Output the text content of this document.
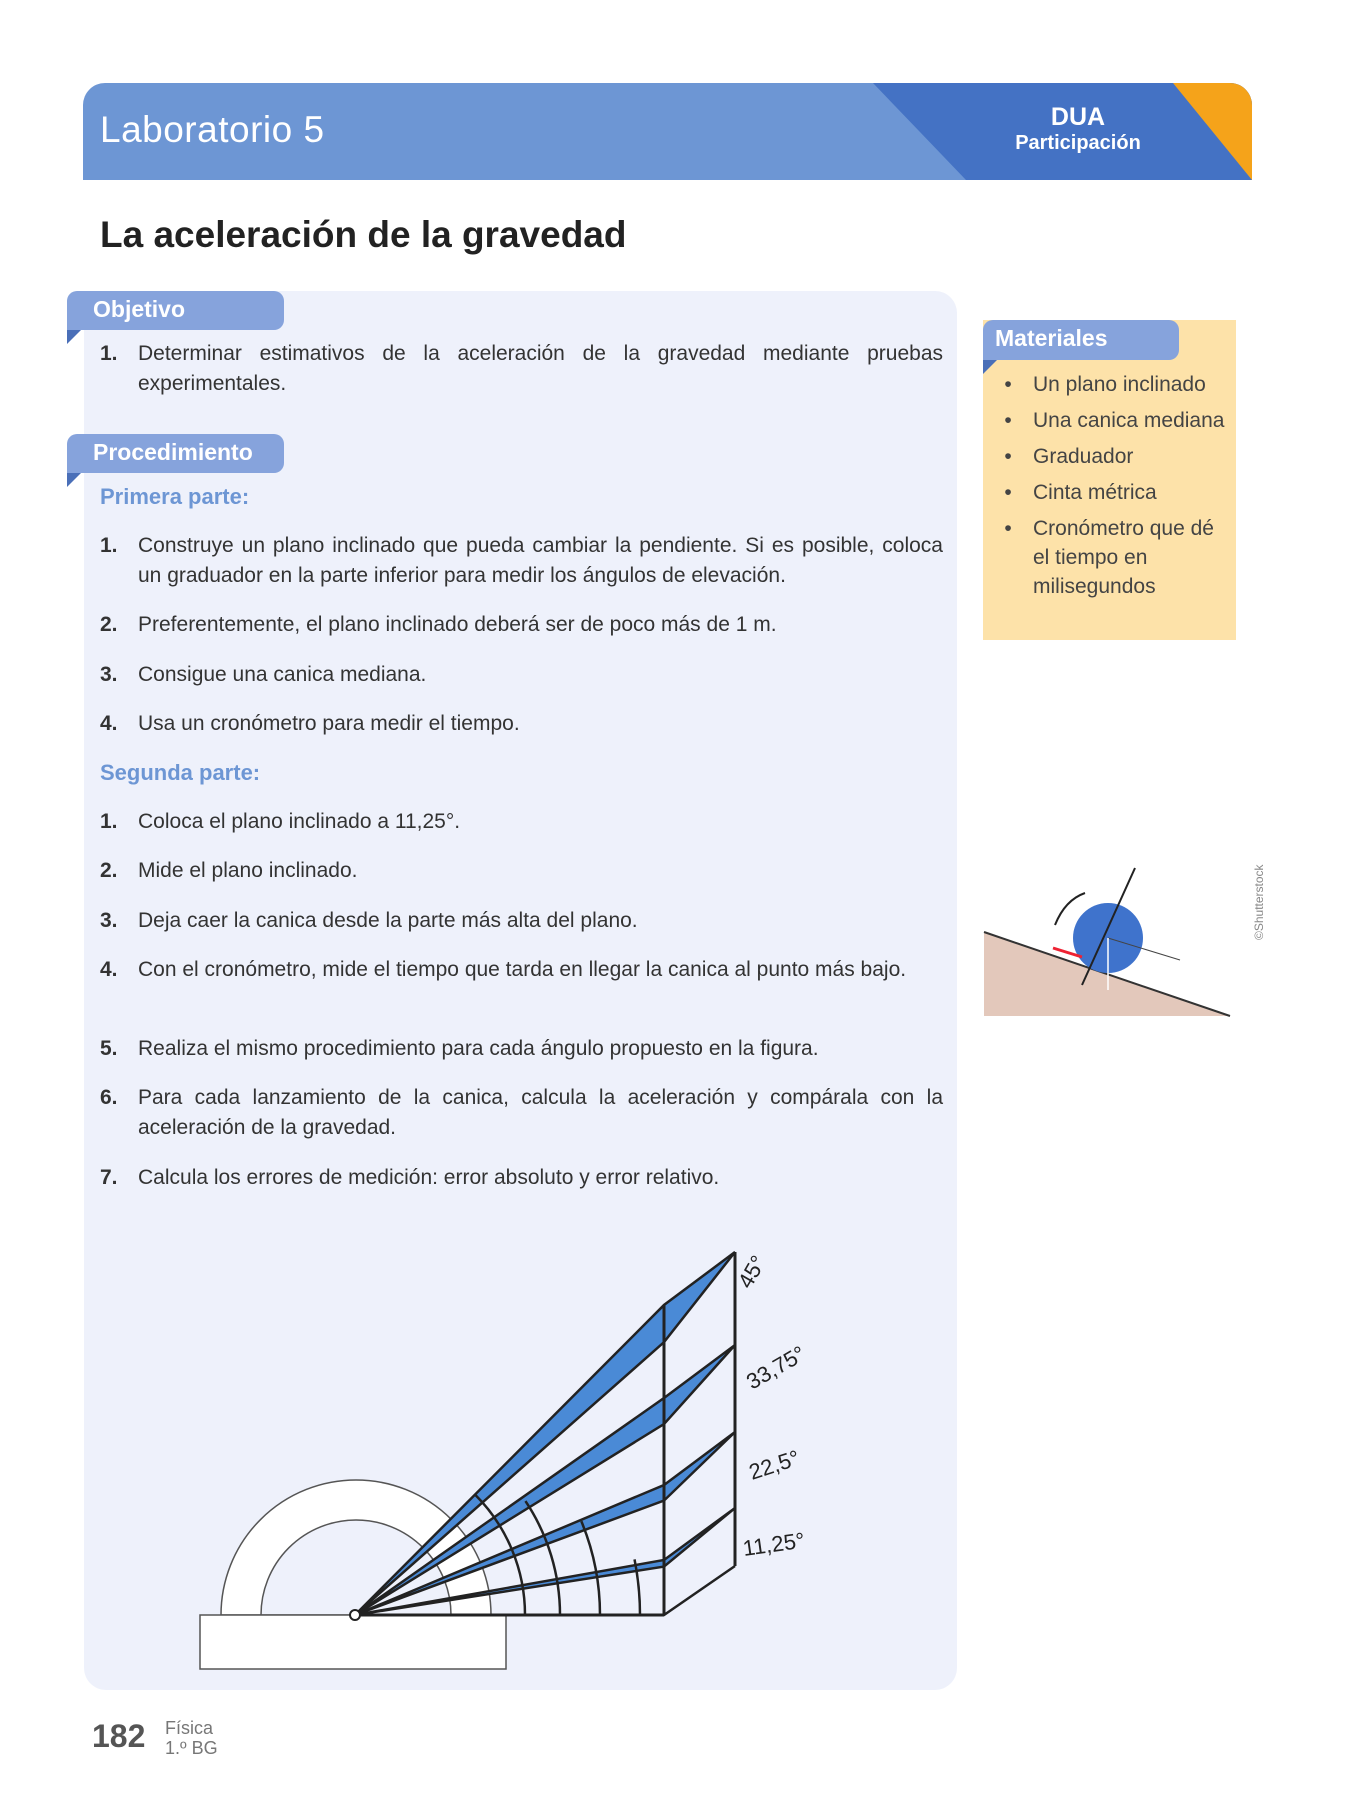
Laboratorio 5	DUA
Participación
La aceleración de la gravedad
Objetivo
1. Determinar estimativos de la aceleración de la gravedad mediante pruebas experimentales.
Procedimiento
Primera parte:
1. Construye un plano inclinado que pueda cambiar la pendiente. Si es posible, coloca un graduador en la parte inferior para medir los ángulos de elevación.
2. Preferentemente, el plano inclinado deberá ser de poco más de 1 m.
3. Consigue una canica mediana.
4. Usa un cronómetro para medir el tiempo.
Segunda parte:
1. Coloca el plano inclinado a 11,25°.
2. Mide el plano inclinado.
3. Deja caer la canica desde la parte más alta del plano.
4. Con el cronómetro, mide el tiempo que tarda en llegar la canica al punto más bajo.
5. Realiza el mismo procedimiento para cada ángulo propuesto en la figura.
6. Para cada lanzamiento de la canica, calcula la aceleración y compárala con la aceleración de la gravedad.
7. Calcula los errores de medición: error absoluto y error relativo.
•	Un plano inclinado
•	Una canica mediana
•	Graduador
•	Cinta métrica
•	Cronómetro que dé el tiempo en milisegundos
Materiales
45°
33,75°
22,5°
11,25°
©Shutterstock
182 Física
1.º BG
